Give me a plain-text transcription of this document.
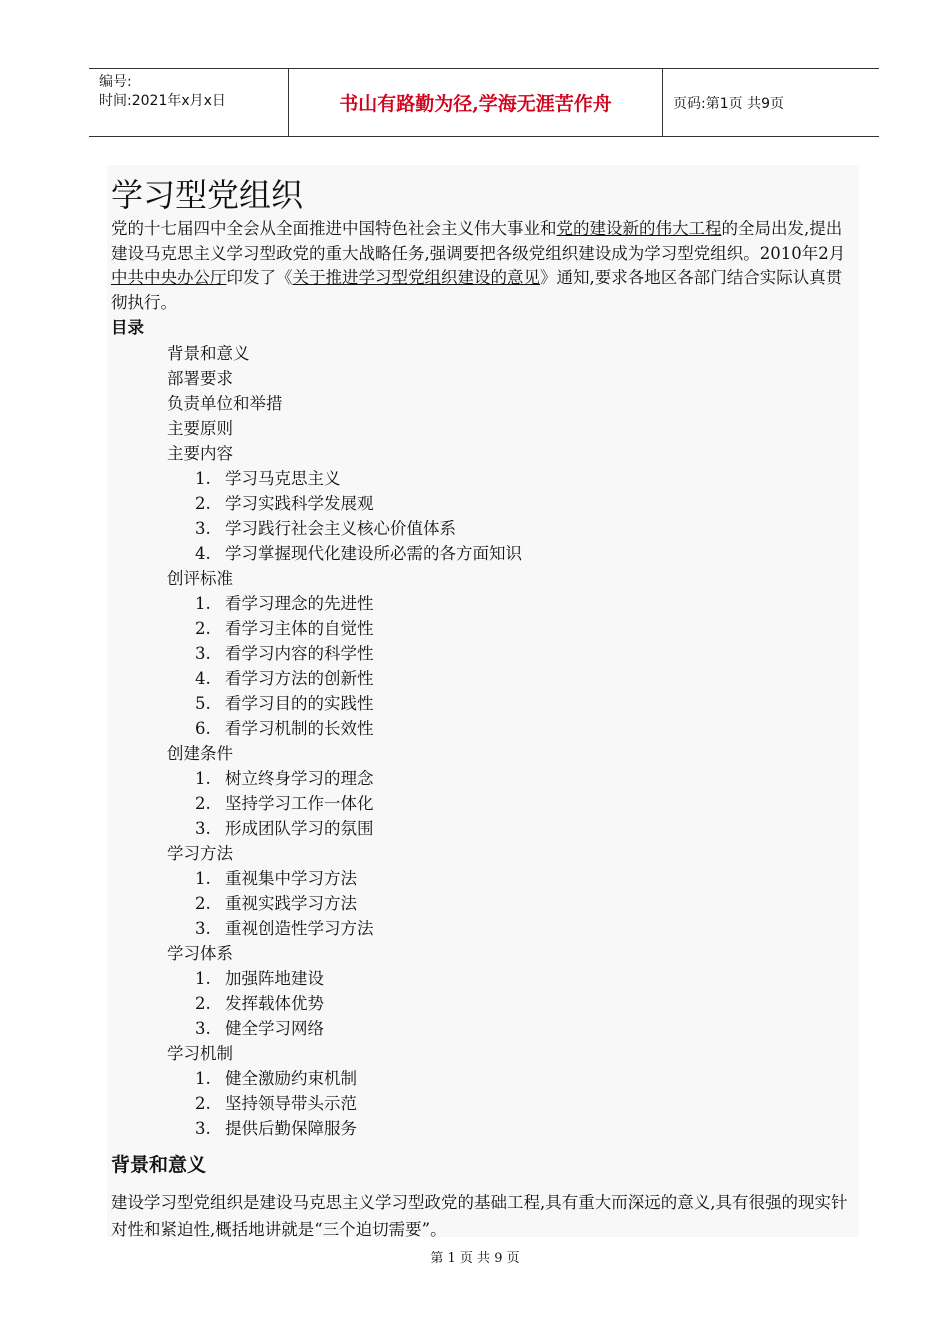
编号:
时间:2021年x月x日	书山有路勤为径,学海无涯苦作舟	页码:第1页 共9页
学习型党组织

党的十七届四中全会从全面推进中国特色社会主义伟大事业和党的建设新的伟大工程的全局出发,提出建设马克思主义学习型政党的重大战略任务,强调要把各级党组织建设成为学习型党组织。2010年2月中共中央办公厅印发了《关于推进学习型党组织建设的意见》通知,要求各地区各部门结合实际认真贯彻执行。

目录
背景和意义
部署要求
负责单位和举措
主要原则
主要内容
1. 学习马克思主义
2. 学习实践科学发展观
3. 学习践行社会主义核心价值体系
4. 学习掌握现代化建设所必需的各方面知识
创评标准
1. 看学习理念的先进性
2. 看学习主体的自觉性
3. 看学习内容的科学性
4. 看学习方法的创新性
5. 看学习目的的实践性
6. 看学习机制的长效性
创建条件
1. 树立终身学习的理念
2. 坚持学习工作一体化
3. 形成团队学习的氛围
学习方法
1. 重视集中学习方法
2. 重视实践学习方法
3. 重视创造性学习方法
学习体系
1. 加强阵地建设
2. 发挥载体优势
3. 健全学习网络
学习机制
1. 健全激励约束机制
2. 坚持领导带头示范
3. 提供后勤保障服务
背景和意义

建设学习型党组织是建设马克思主义学习型政党的基础工程,具有重大而深远的意义,具有很强的现实针对性和紧迫性,概括地讲就是“三个迫切需要”。

第 1 页 共 9 页
